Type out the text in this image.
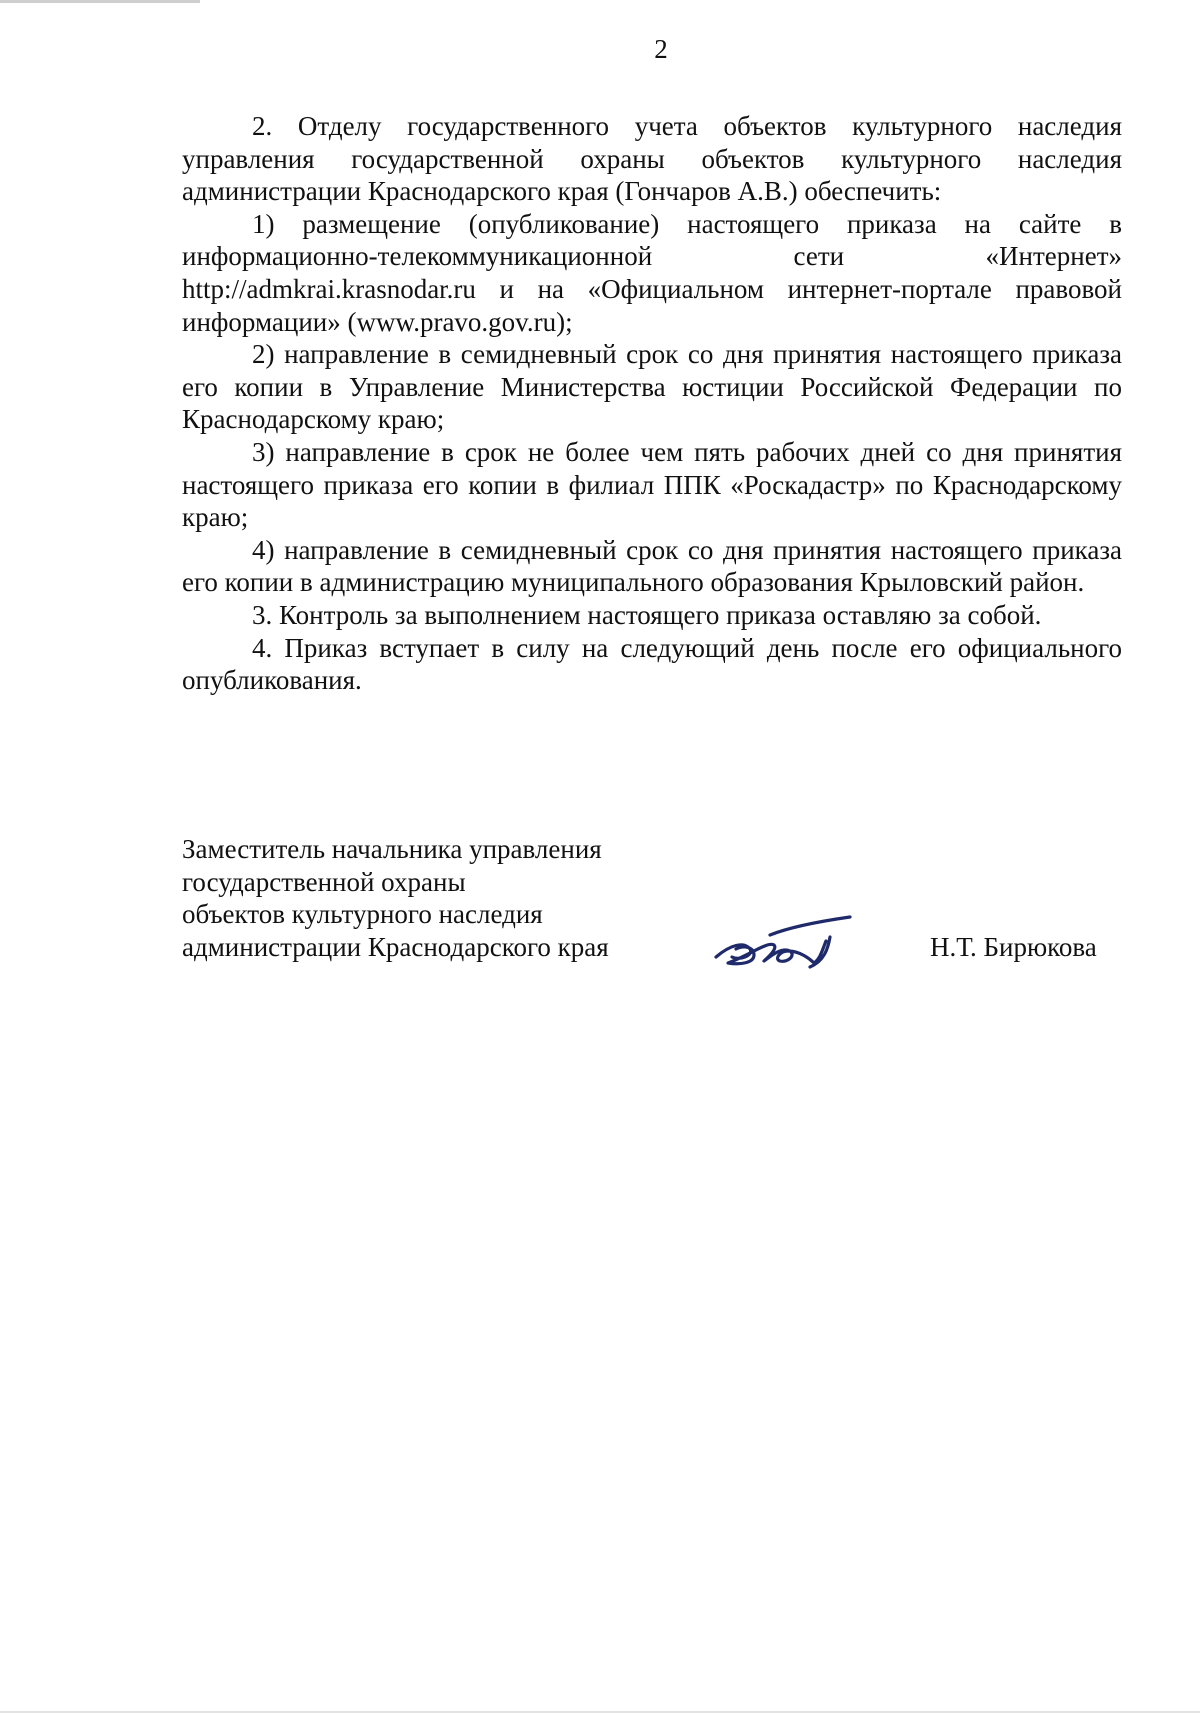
2

2. Отделу государственного учета объектов культурного наследия управления государственной охраны объектов культурного наследия администрации Краснодарского края (Гончаров А.В.) обеспечить:

1) размещение (опубликование) настоящего приказа на сайте в информационно-телекоммуникационной сети «Интернет» http://admkrai.krasnodar.ru и на «Официальном интернет-портале правовой информации» (www.pravo.gov.ru);

2) направление в семидневный срок со дня принятия настоящего приказа его копии в Управление Министерства юстиции Российской Федерации по Краснодарскому краю;

3) направление в срок не более чем пять рабочих дней со дня принятия настоящего приказа его копии в филиал ППК «Роскадастр» по Краснодарскому краю;

4) направление в семидневный срок со дня принятия настоящего приказа его копии в администрацию муниципального образования Крыловский район.

3. Контроль за выполнением настоящего приказа оставляю за собой.

4. Приказ вступает в силу на следующий день после его официального опубликования.

Заместитель начальника управления
государственной охраны
объектов культурного наследия
администрации Краснодарского края	Н.Т. Бирюкова
